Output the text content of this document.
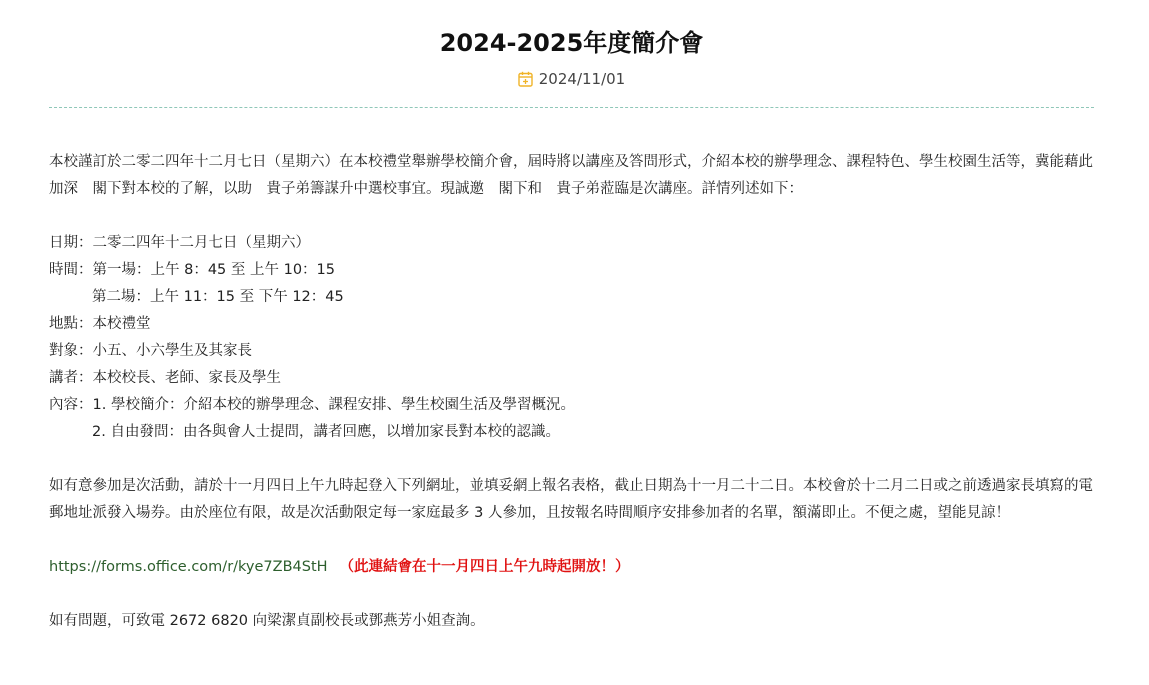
2024-2025年度簡介會
2024/11/01

本校謹訂於二零二四年十二月七日（星期六）在本校禮堂舉辦學校簡介會，屆時將以講座及答問形式，介紹本校的辦學理念、課程特色、學生校園生活等，冀能藉此加深　閣下對本校的了解，以助　貴子弟籌謀升中選校事宜。現誠邀　閣下和　貴子弟蒞臨是次講座。詳情列述如下：

日期： 二零二四年十二月七日（星期六）
時間： 第一場：上午 8：45 至 上午 10：15
第二場：上午 11：15 至 下午 12：45
地點： 本校禮堂
對象： 小五、小六學生及其家長
講者： 本校校長、老師、家長及學生
內容： 1. 學校簡介：介紹本校的辦學理念、課程安排、學生校園生活及學習概況。
2. 自由發問：由各與會人士提問，講者回應，以增加家長對本校的認識。

如有意參加是次活動，請於十一月四日上午九時起登入下列網址，並填妥網上報名表格，截止日期為十一月二十二日。本校會於十二月二日或之前透過家長填寫的電郵地址派發入場券。由於座位有限，故是次活動限定每一家庭最多 3 人參加，且按報名時間順序安排參加者的名單，額滿即止。不便之處，望能見諒！

https://forms.office.com/r/kye7ZB4StH （此連結會在十一月四日上午九時起開放！）

如有問題，可致電 2672 6820 向梁潔貞副校長或鄧燕芳小姐查詢。
